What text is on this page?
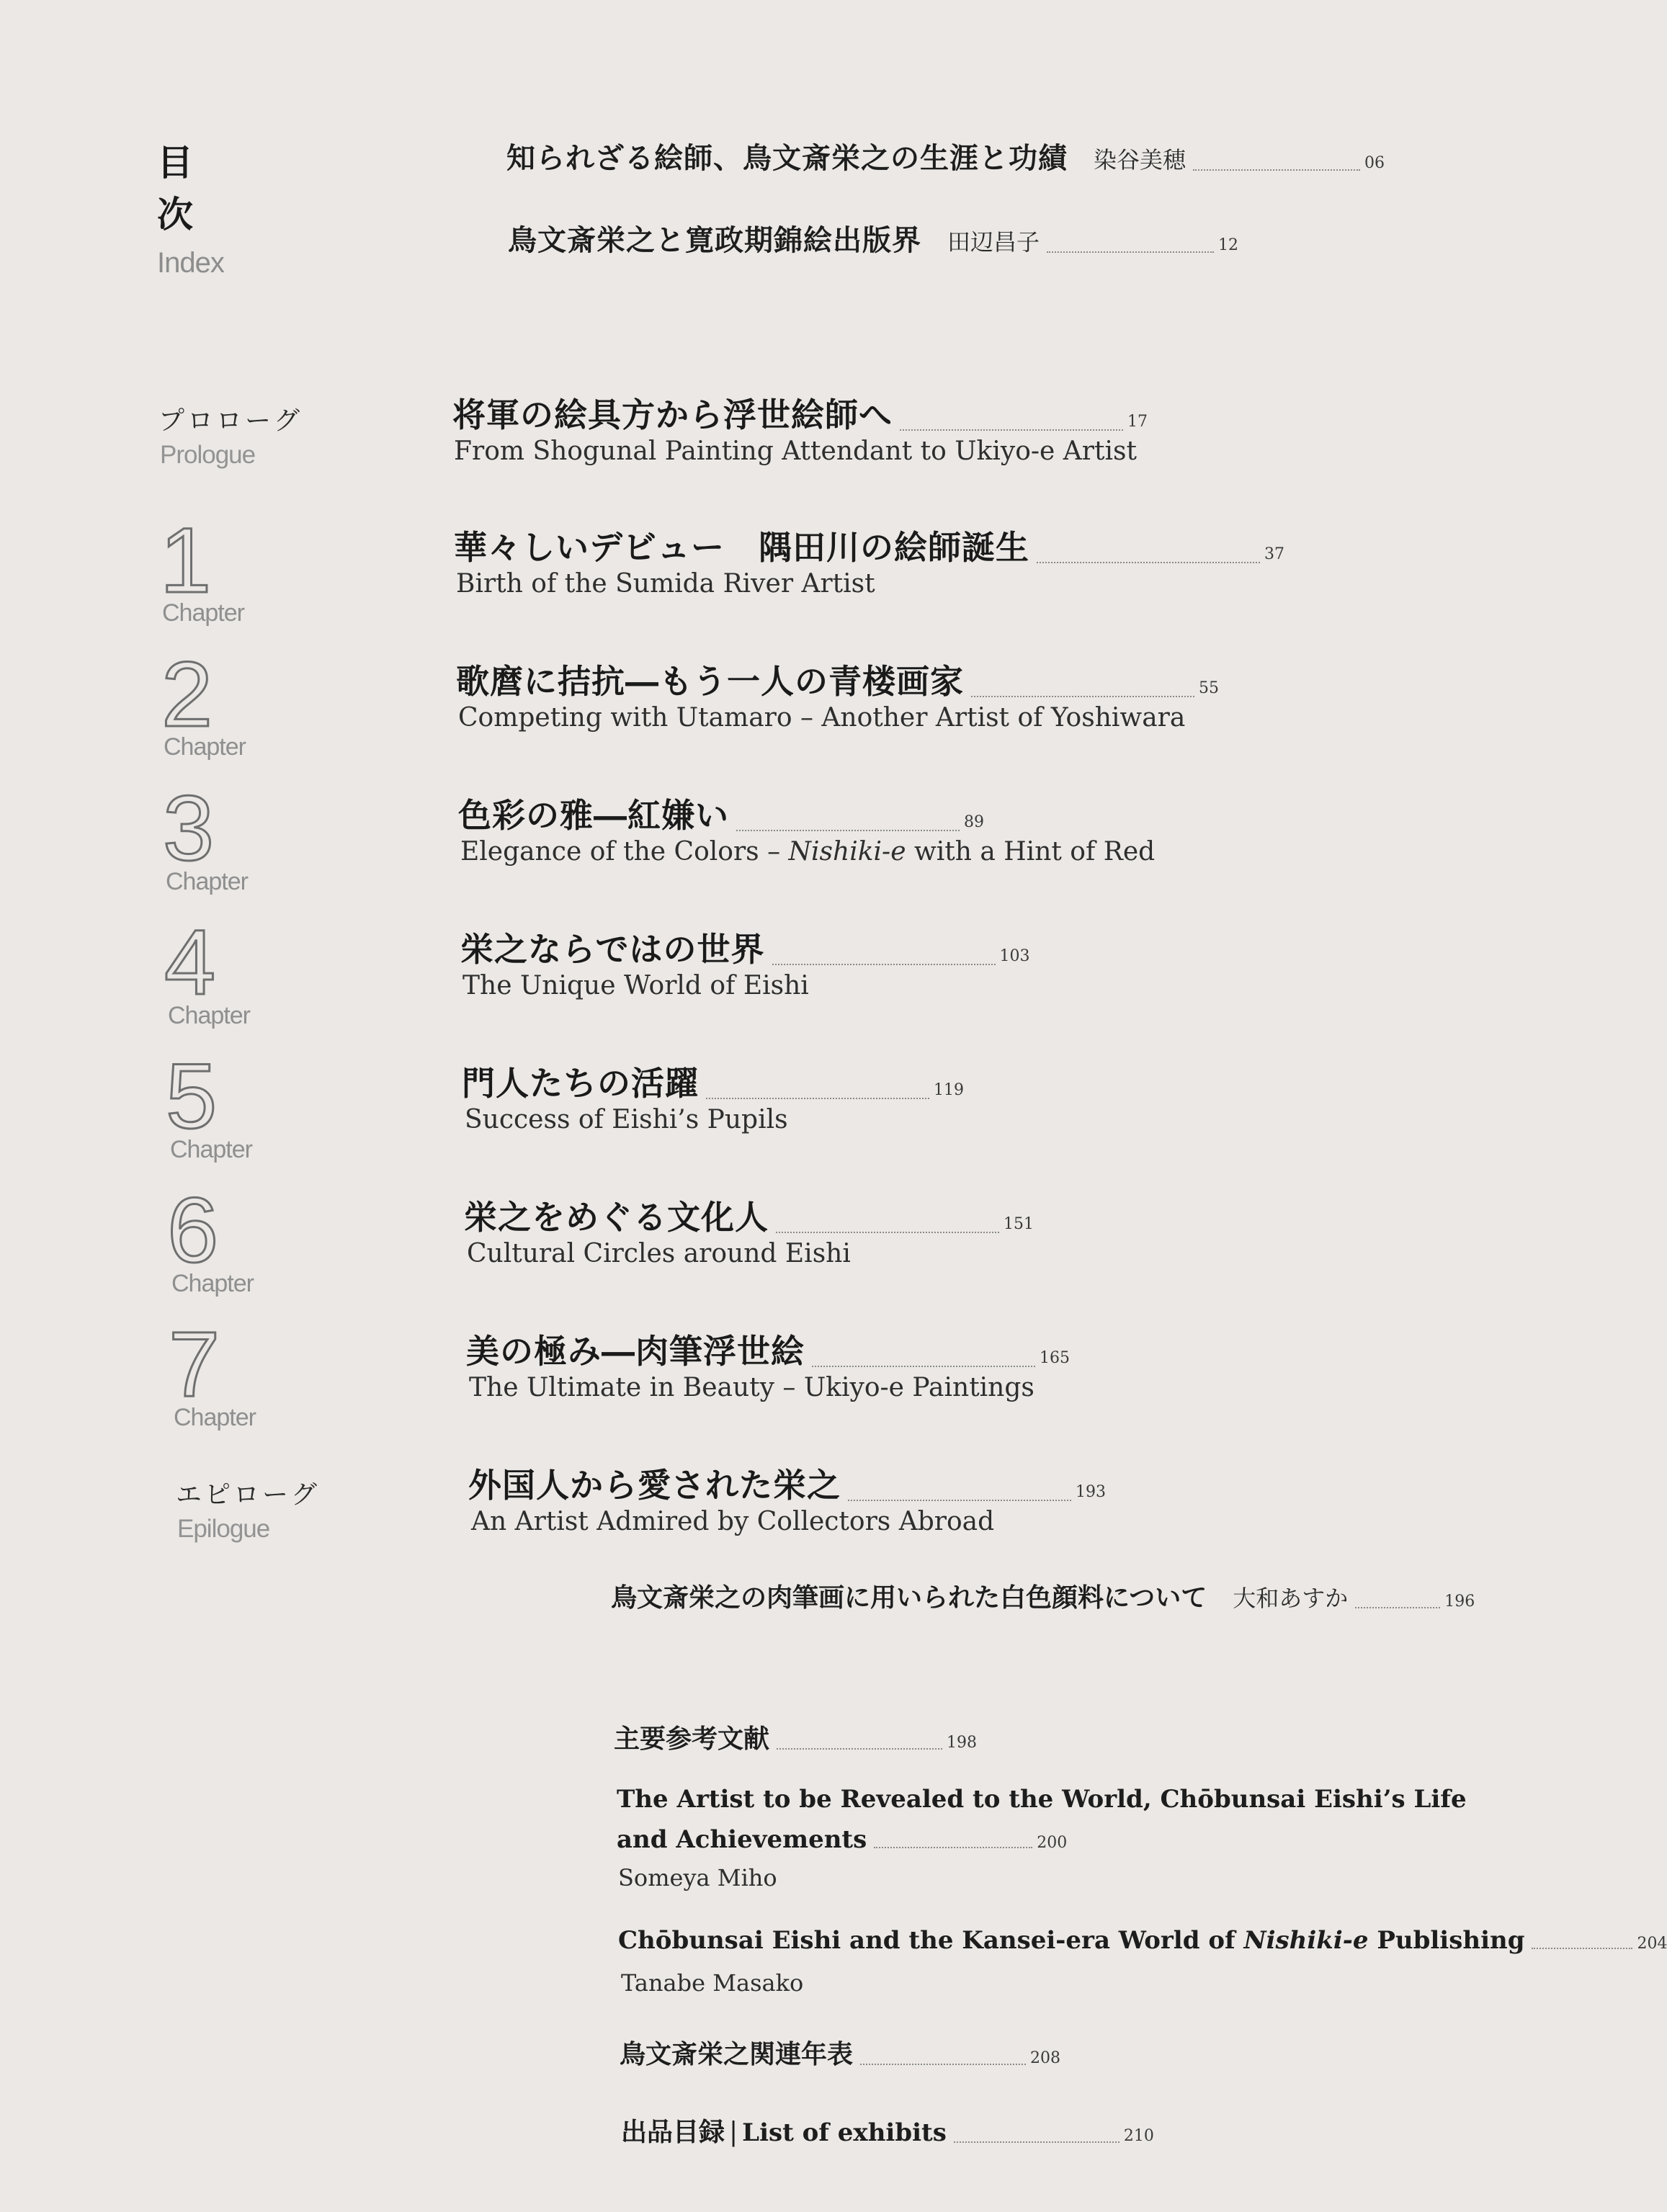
目
次
Index
知られざる絵師、鳥文斎栄之の生涯と功績 染谷美穂	06
鳥文斎栄之と寛政期錦絵出版界 田辺昌子	12
プロローグ
Prologue
将軍の絵具方から浮世絵師へ	17
From Shogunal Painting Attendant to Ukiyo-e Artist
1
Chapter
華々しいデビュー　隅田川の絵師誕生	37
Birth of the Sumida River Artist
2
Chapter
歌麿に拮抗―もう一人の青楼画家	55
Competing with Utamaro – Another Artist of Yoshiwara
3
Chapter
色彩の雅―紅嫌い	89
Elegance of the Colors – Nishiki-e with a Hint of Red
4
Chapter
栄之ならではの世界	103
The Unique World of Eishi
5
Chapter
門人たちの活躍	119
Success of Eishi’s Pupils
6
Chapter
栄之をめぐる文化人	151
Cultural Circles around Eishi
7
Chapter
美の極み―肉筆浮世絵	165
The Ultimate in Beauty – Ukiyo-e Paintings
エピローグ
Epilogue
外国人から愛された栄之	193
An Artist Admired by Collectors Abroad
鳥文斎栄之の肉筆画に用いられた白色顔料について 大和あすか	196
主要参考文献	198
The Artist to be Revealed to the World, Chōbunsai Eishi’s Life
and Achievements	200
Someya Miho
Chōbunsai Eishi and the Kansei-era World of Nishiki-e Publishing	204
Tanabe Masako
鳥文斎栄之関連年表	208
出品目録 | List of exhibits	210
